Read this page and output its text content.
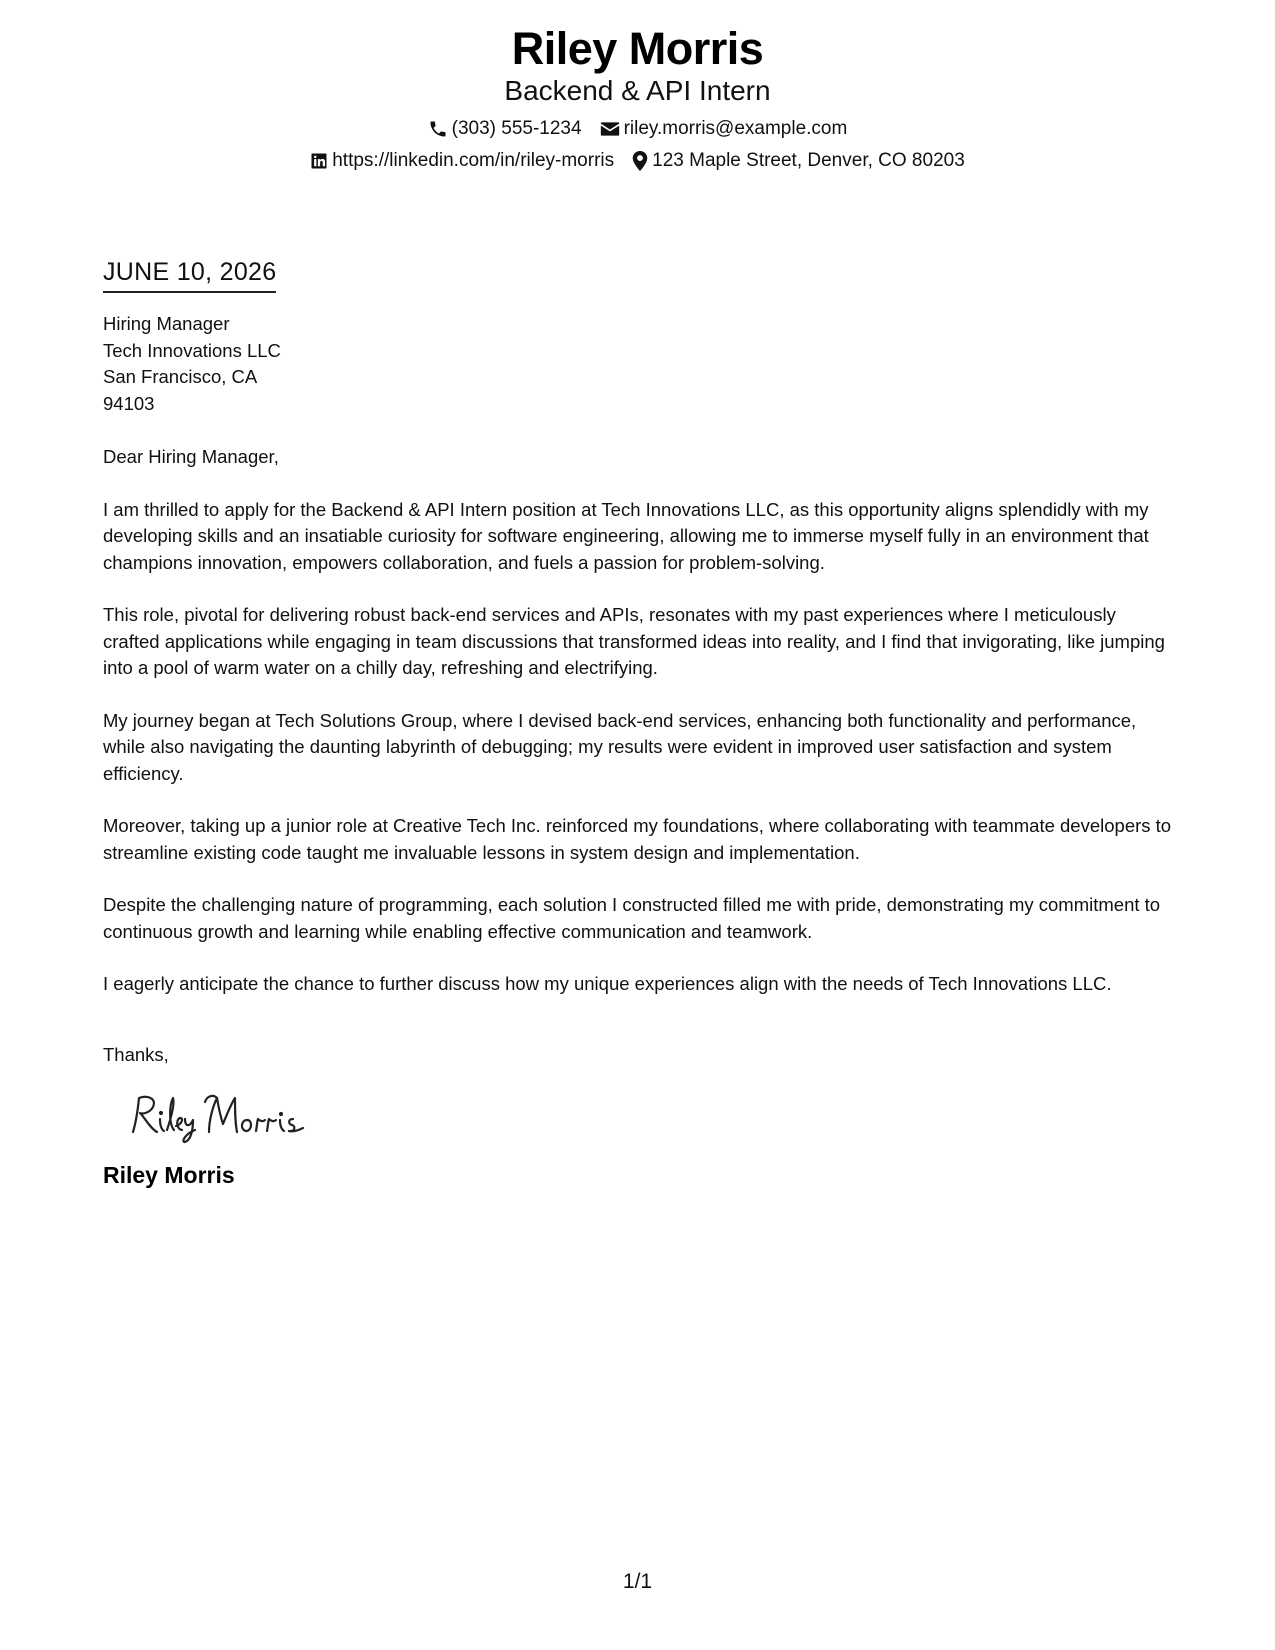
Riley Morris
Backend & API Intern
(303) 555-1234 riley.morris@example.com
https://linkedin.com/in/riley-morris 123 Maple Street, Denver, CO 80203
JUNE 10, 2026
Hiring Manager
Tech Innovations LLC
San Francisco, CA
94103
Dear Hiring Manager,
I am thrilled to apply for the Backend & API Intern position at Tech Innovations LLC, as this opportunity aligns splendidly with my developing skills and an insatiable curiosity for software engineering, allowing me to immerse myself fully in an environment that champions innovation, empowers collaboration, and fuels a passion for problem-solving.
This role, pivotal for delivering robust back-end services and APIs, resonates with my past experiences where I meticulously crafted applications while engaging in team discussions that transformed ideas into reality, and I find that invigorating, like jumping into a pool of warm water on a chilly day, refreshing and electrifying.
My journey began at Tech Solutions Group, where I devised back-end services, enhancing both functionality and performance, while also navigating the daunting labyrinth of debugging; my results were evident in improved user satisfaction and system efficiency.
Moreover, taking up a junior role at Creative Tech Inc. reinforced my foundations, where collaborating with teammate developers to streamline existing code taught me invaluable lessons in system design and implementation.
Despite the challenging nature of programming, each solution I constructed filled me with pride, demonstrating my commitment to continuous growth and learning while enabling effective communication and teamwork.
I eagerly anticipate the chance to further discuss how my unique experiences align with the needs of Tech Innovations LLC.
Thanks,
Riley Morris
1/1
